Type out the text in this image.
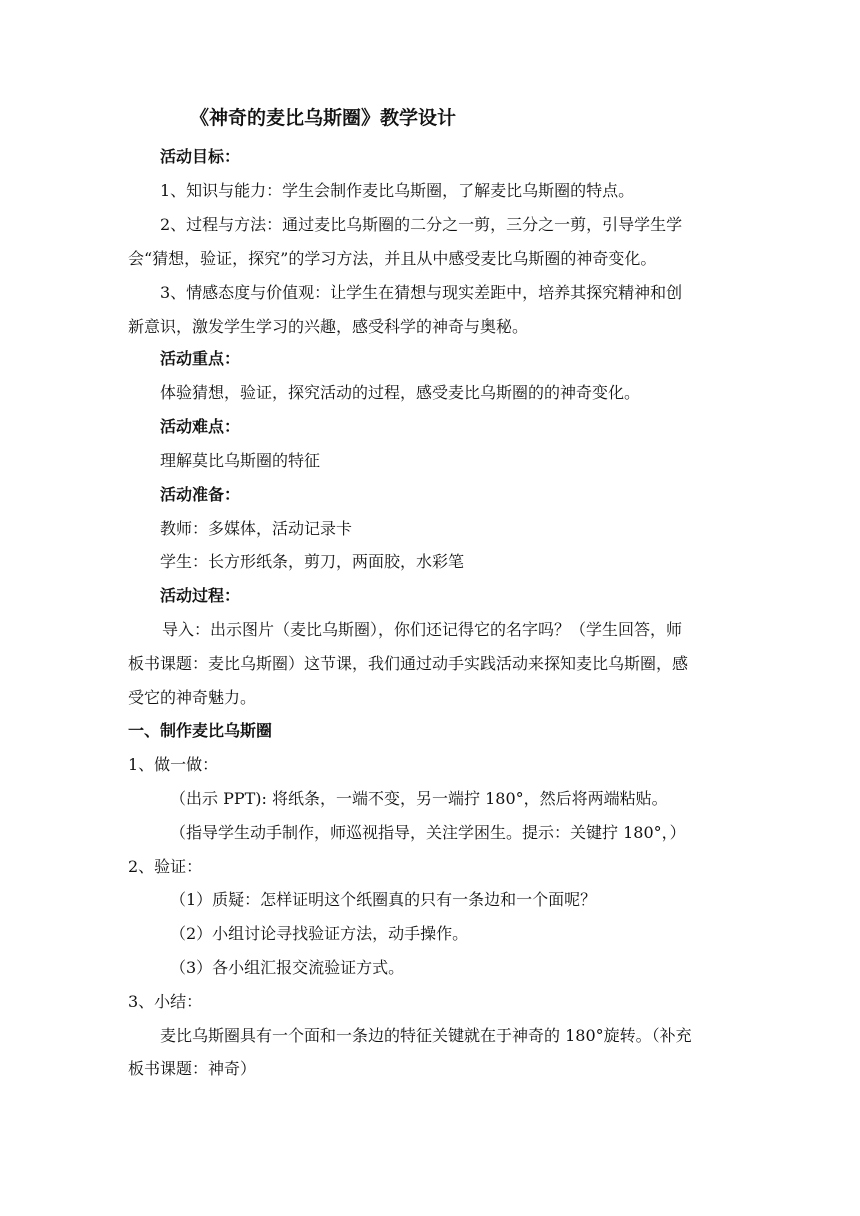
《神奇的麦比乌斯圈》教学设计
活动目标：
1、知识与能力：学生会制作麦比乌斯圈，了解麦比乌斯圈的特点。
2、过程与方法：通过麦比乌斯圈的二分之一剪，三分之一剪，引导学生学
会“猜想，验证，探究”的学习方法，并且从中感受麦比乌斯圈的神奇变化。
3、情感态度与价值观：让学生在猜想与现实差距中，培养其探究精神和创
新意识，激发学生学习的兴趣，感受科学的神奇与奥秘。
活动重点：
体验猜想，验证，探究活动的过程，感受麦比乌斯圈的的神奇变化。
活动难点：
理解莫比乌斯圈的特征
活动准备：
教师：多媒体，活动记录卡
学生：长方形纸条，剪刀，两面胶，水彩笔
活动过程：
导入：出示图片（麦比乌斯圈），你们还记得它的名字吗？（学生回答，师
板书课题：麦比乌斯圈）这节课，我们通过动手实践活动来探知麦比乌斯圈，感
受它的神奇魅力。
一、制作麦比乌斯圈
1、做一做：
（出示 PPT): 将纸条，一端不变，另一端拧 180°，然后将两端粘贴。
（指导学生动手制作，师巡视指导，关注学困生。提示：关键拧 180°，）
2、验证：
（1）质疑：怎样证明这个纸圈真的只有一条边和一个面呢？
（2）小组讨论寻找验证方法，动手操作。
（3）各小组汇报交流验证方式。
3、小结：
麦比乌斯圈具有一个面和一条边的特征关键就在于神奇的 180°旋转。（补充
板书课题：神奇）
